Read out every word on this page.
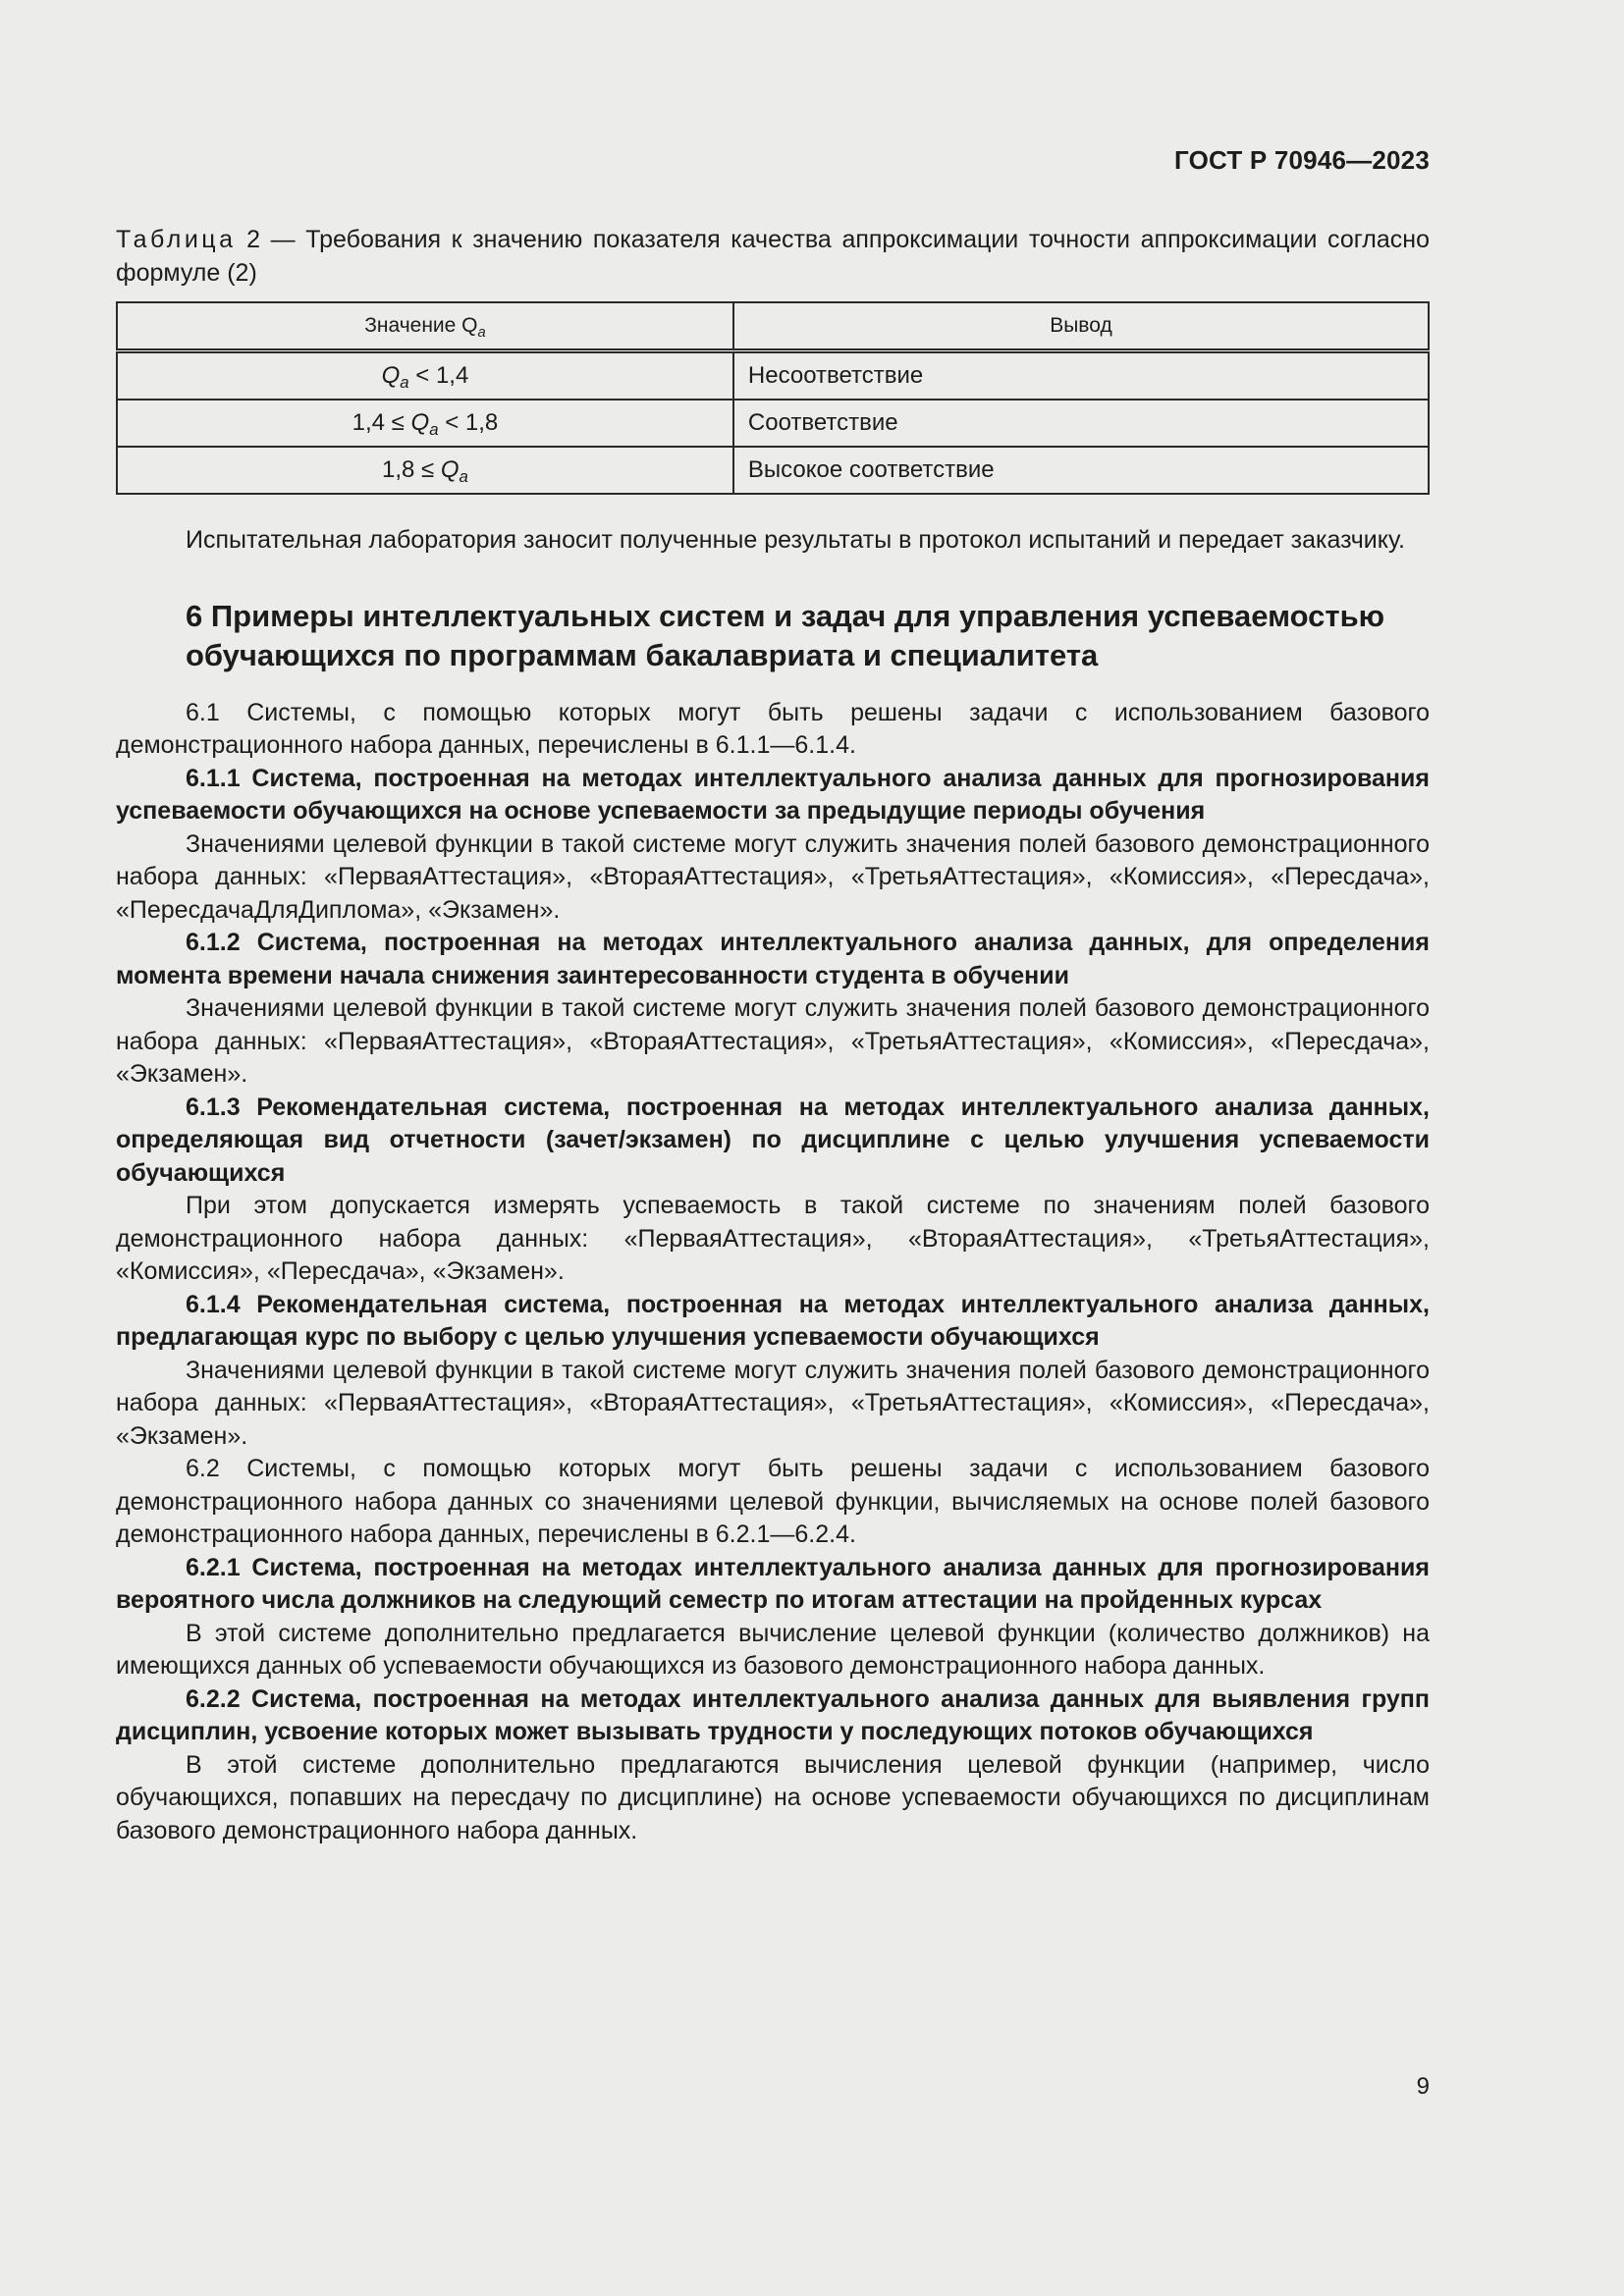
ГОСТ Р 70946—2023

Таблица 2 — Требования к значению показателя качества аппроксимации точности аппроксимации согласно формуле (2)

Значение $Q_a$	Вывод
$Q_a < 1,4$	Несоответствие
$1,4 \le Q_a < 1,8$	Соответствие
$1,8 \le Q_a$	Высокое соответствие

Испытательная лаборатория заносит полученные результаты в протокол испытаний и передает заказчику.

6 Примеры интеллектуальных систем и задач для управления успеваемостью обучающихся по программам бакалавриата и специалитета

6.1 Системы, с помощью которых могут быть решены задачи с использованием базового демонстрационного набора данных, перечислены в 6.1.1—6.1.4.

6.1.1 Система, построенная на методах интеллектуального анализа данных для прогнозирования успеваемости обучающихся на основе успеваемости за предыдущие периоды обучения

Значениями целевой функции в такой системе могут служить значения полей базового демонстрационного набора данных: «ПерваяАттестация», «ВтораяАттестация», «ТретьяАттестация», «Комиссия», «Пересдача», «ПересдачаДляДиплома», «Экзамен».

6.1.2 Система, построенная на методах интеллектуального анализа данных, для определения момента времени начала снижения заинтересованности студента в обучении

Значениями целевой функции в такой системе могут служить значения полей базового демонстрационного набора данных: «ПерваяАттестация», «ВтораяАттестация», «ТретьяАттестация», «Комиссия», «Пересдача», «Экзамен».

6.1.3 Рекомендательная система, построенная на методах интеллектуального анализа данных, определяющая вид отчетности (зачет/экзамен) по дисциплине с целью улучшения успеваемости обучающихся

При этом допускается измерять успеваемость в такой системе по значениям полей базового демонстрационного набора данных: «ПерваяАттестация», «ВтораяАттестация», «ТретьяАттестация», «Комиссия», «Пересдача», «Экзамен».

6.1.4 Рекомендательная система, построенная на методах интеллектуального анализа данных, предлагающая курс по выбору с целью улучшения успеваемости обучающихся

Значениями целевой функции в такой системе могут служить значения полей базового демонстрационного набора данных: «ПерваяАттестация», «ВтораяАттестация», «ТретьяАттестация», «Комиссия», «Пересдача», «Экзамен».

6.2 Системы, с помощью которых могут быть решены задачи с использованием базового демонстрационного набора данных со значениями целевой функции, вычисляемых на основе полей базового демонстрационного набора данных, перечислены в 6.2.1—6.2.4.

6.2.1 Система, построенная на методах интеллектуального анализа данных для прогнозирования вероятного числа должников на следующий семестр по итогам аттестации на пройденных курсах

В этой системе дополнительно предлагается вычисление целевой функции (количество должников) на имеющихся данных об успеваемости обучающихся из базового демонстрационного набора данных.

6.2.2 Система, построенная на методах интеллектуального анализа данных для выявления групп дисциплин, усвоение которых может вызывать трудности у последующих потоков обучающихся

В этой системе дополнительно предлагаются вычисления целевой функции (например, число обучающихся, попавших на пересдачу по дисциплине) на основе успеваемости обучающихся по дисциплинам базового демонстрационного набора данных.

9
